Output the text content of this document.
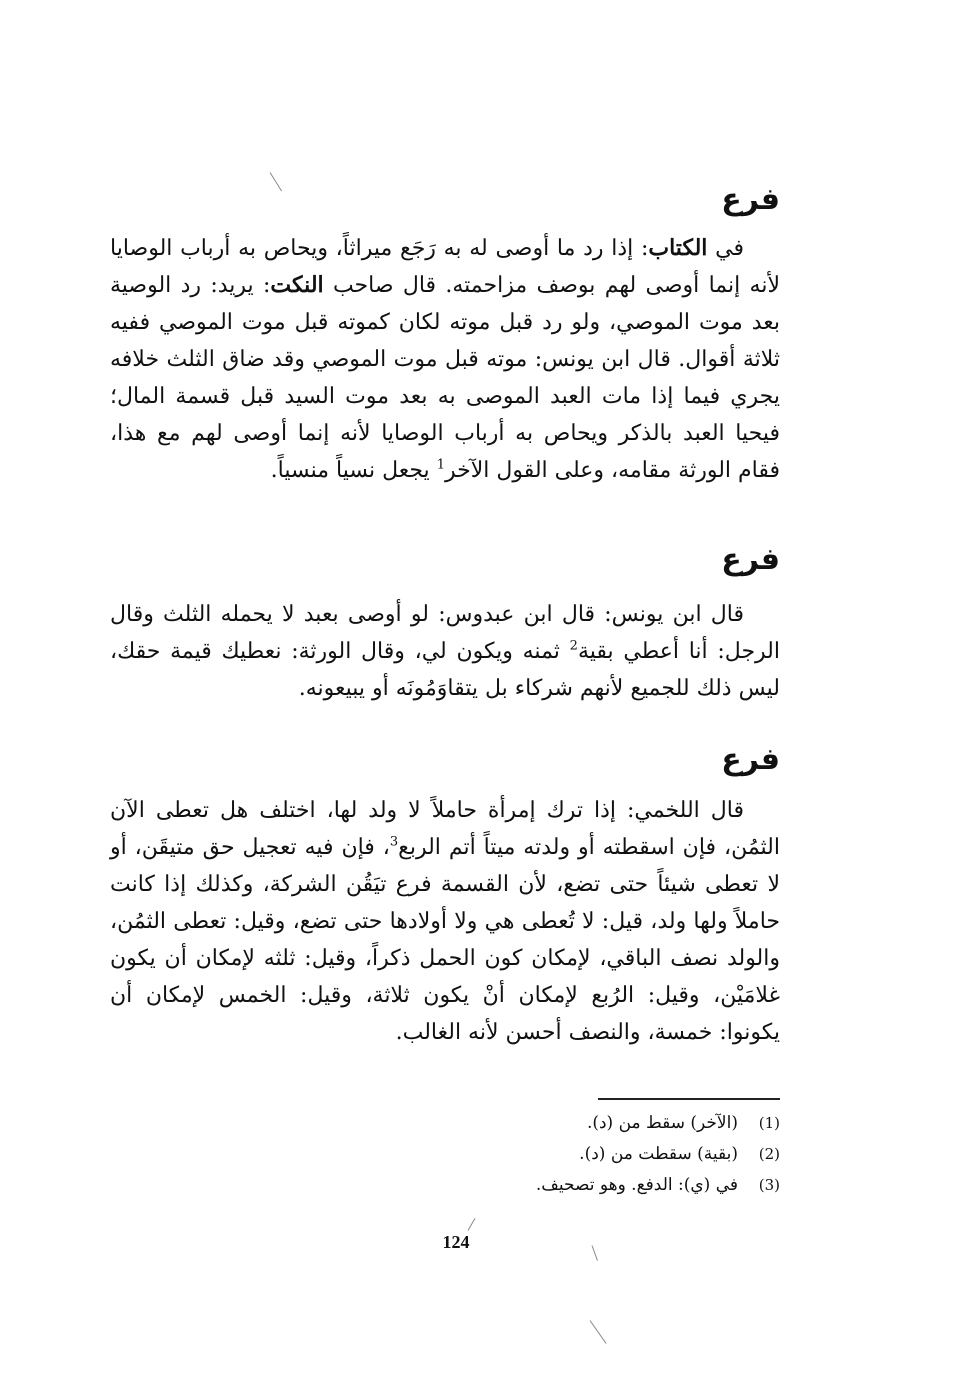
فرع

في الكتاب: إذا رد ما أوصى له به رَجَع ميراثاً، ويحاص به أرباب الوصايا لأنه إنما أوصى لهم بوصف مزاحمته. قال صاحب النكت: يريد: رد الوصية بعد موت الموصي، ولو رد قبل موته لكان كموته قبل موت الموصي ففيه ثلاثة أقوال. قال ابن يونس: موته قبل موت الموصي وقد ضاق الثلث خلافه يجري فيما إذا مات العبد الموصى به بعد موت السيد قبل قسمة المال؛ فيحيا العبد بالذكر ويحاص به أرباب الوصايا لأنه إنما أوصى لهم مع هذا، فقام الورثة مقامه، وعلى القول الآخر$^1$ يجعل نسياً منسياً.

فرع

قال ابن يونس: قال ابن عبدوس: لو أوصى بعبد لا يحمله الثلث وقال الرجل: أنا أعطي بقية$^2$ ثمنه ويكون لي، وقال الورثة: نعطيك قيمة حقك، ليس ذلك للجميع لأنهم شركاء بل يتقاوَمُونَه أو يبيعونه.

فرع

قال اللخمي: إذا ترك إمرأة حاملاً لا ولد لها، اختلف هل تعطى الآن الثمُن، فإن اسقطته أو ولدته ميتاً أتم الربع$^3$، فإن فيه تعجيل حق متيقَن، أو لا تعطى شيئاً حتى تضع، لأن القسمة فرع تيَقُن الشركة، وكذلك إذا كانت حاملاً ولها ولد، قيل: لا تُعطى هي ولا أولادها حتى تضع، وقيل: تعطى الثمُن، والولد نصف الباقي، لإمكان كون الحمل ذكراً، وقيل: ثلثه لإمكان أن يكون غلامَيْن، وقيل: الرُبع لإمكان أنْ يكون ثلاثة، وقيل: الخمس لإمكان أن يكونوا: خمسة، والنصف أحسن لأنه الغالب.

(1)
(الآخر) سقط من (د).
(2)
(بقية) سقطت من (د).
(3)
في (ي): الدفع. وهو تصحيف.
124
